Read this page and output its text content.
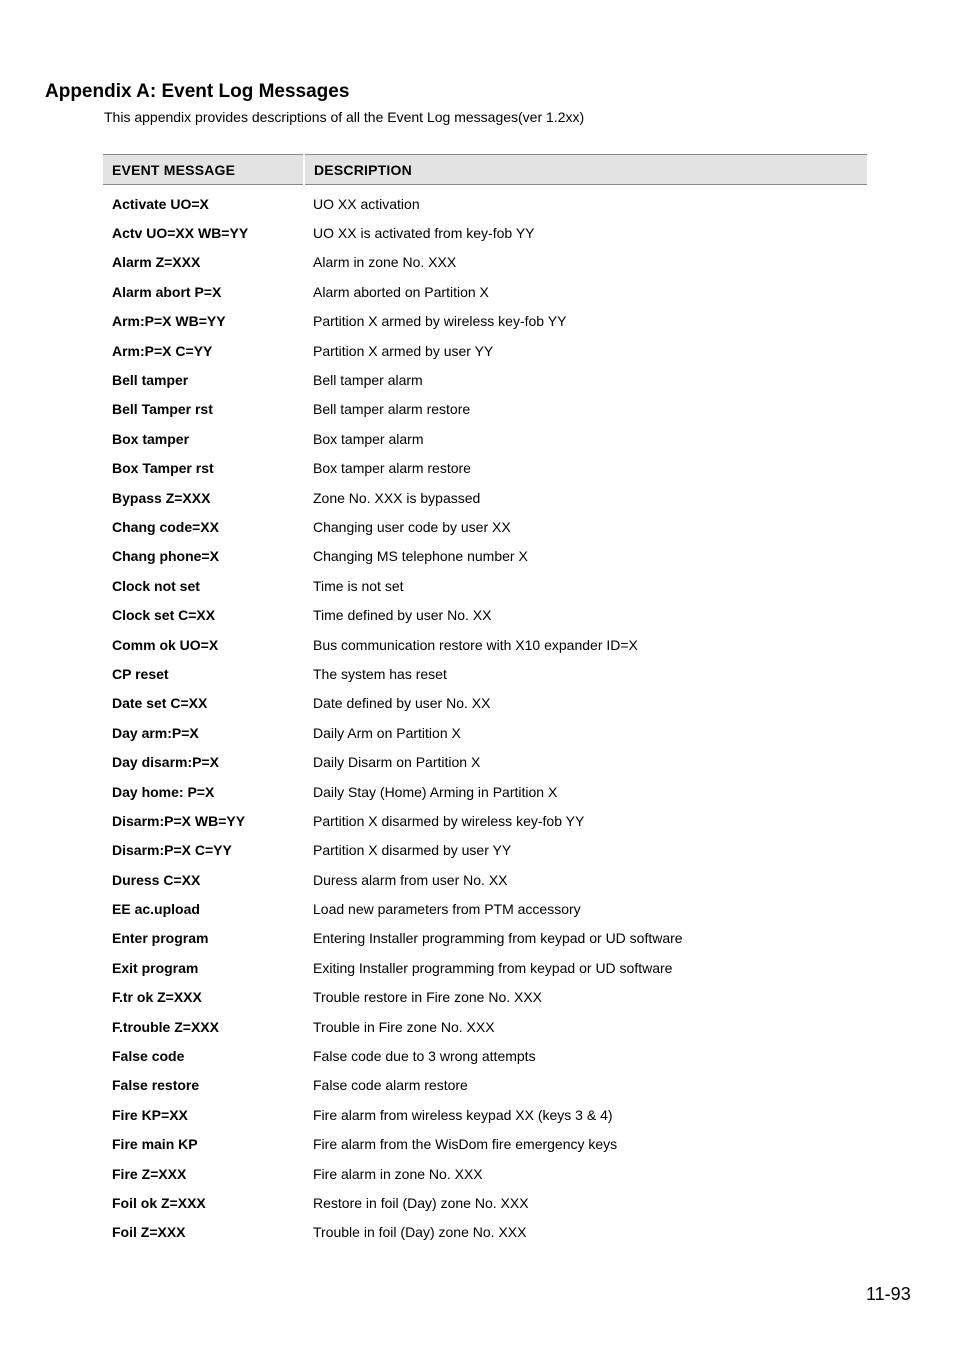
Appendix A: Event Log Messages
This appendix provides descriptions of all the Event Log messages(ver 1.2xx)
EVENT MESSAGE	DESCRIPTION
Activate UO=X	UO XX activation
Actv UO=XX WB=YY	UO XX is activated from key-fob YY
Alarm Z=XXX	Alarm in zone No. XXX
Alarm abort P=X	Alarm aborted on Partition X
Arm:P=X WB=YY	Partition X armed by wireless key-fob YY
Arm:P=X C=YY	Partition X armed by user YY
Bell tamper	Bell tamper alarm
Bell Tamper rst	Bell tamper alarm restore
Box tamper	Box tamper alarm
Box Tamper rst	Box tamper alarm restore
Bypass Z=XXX	Zone No. XXX is bypassed
Chang code=XX	Changing user code by user XX
Chang phone=X	Changing MS telephone number X
Clock not set	Time is not set
Clock set C=XX	Time defined by user No. XX
Comm ok UO=X	Bus communication restore with X10 expander ID=X
CP reset	The system has reset
Date set C=XX	Date defined by user No. XX
Day arm:P=X	Daily Arm on Partition X
Day disarm:P=X	Daily Disarm on Partition X
Day home: P=X	Daily Stay (Home) Arming in Partition X
Disarm:P=X WB=YY	Partition X disarmed by wireless key-fob YY
Disarm:P=X C=YY	Partition X disarmed by user YY
Duress C=XX	Duress alarm from user No. XX
EE ac.upload	Load new parameters from PTM accessory
Enter program	Entering Installer programming from keypad or UD software
Exit program	Exiting Installer programming from keypad or UD software
F.tr ok Z=XXX	Trouble restore in Fire zone No. XXX
F.trouble Z=XXX	Trouble in Fire zone No. XXX
False code	False code due to 3 wrong attempts
False restore	False code alarm restore
Fire KP=XX	Fire alarm from wireless keypad XX (keys 3 & 4)
Fire main KP	Fire alarm from the WisDom fire emergency keys
Fire Z=XXX	Fire alarm in zone No. XXX
Foil ok Z=XXX	Restore in foil (Day) zone No. XXX
Foil Z=XXX	Trouble in foil (Day) zone No. XXX
11-93
